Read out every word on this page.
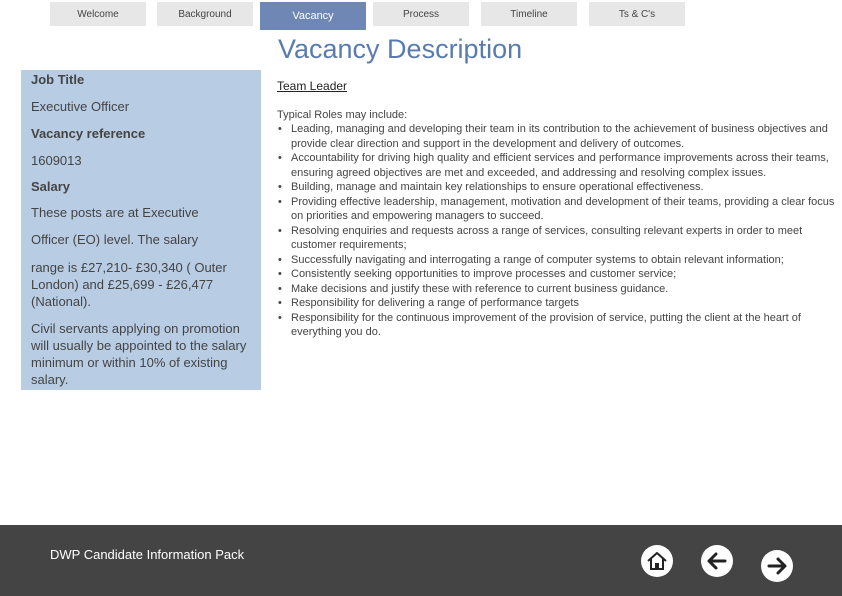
Welcome	Background	Vacancy	Process	Timeline	Ts & C's
Vacancy Description
Job Title
Executive Officer
Vacancy reference
1609013
Salary
These posts are at Executive
Officer (EO) level. The salary
range is £27,210- £30,340 ( Outer London) and £25,699 - £26,477 (National).
Civil servants applying on promotion will usually be appointed to the salary minimum or within 10% of existing salary.
Team Leader
Typical Roles may include:
• Leading, managing and developing their team in its contribution to the achievement of business objectives and provide clear direction and support in the development and delivery of outcomes.
• Accountability for driving high quality and efficient services and performance improvements across their teams, ensuring agreed objectives are met and exceeded, and addressing and resolving complex issues.
• Building, manage and maintain key relationships to ensure operational effectiveness.
• Providing effective leadership, management, motivation and development of their teams, providing a clear focus on priorities and empowering managers to succeed.
• Resolving enquiries and requests across a range of services, consulting relevant experts in order to meet customer requirements;
• Successfully navigating and interrogating a range of computer systems to obtain relevant information;
• Consistently seeking opportunities to improve processes and customer service;
• Make decisions and justify these with reference to current business guidance.
• Responsibility for delivering a range of performance targets
• Responsibility for the continuous improvement of the provision of service, putting the client at the heart of everything you do.
DWP Candidate Information Pack
